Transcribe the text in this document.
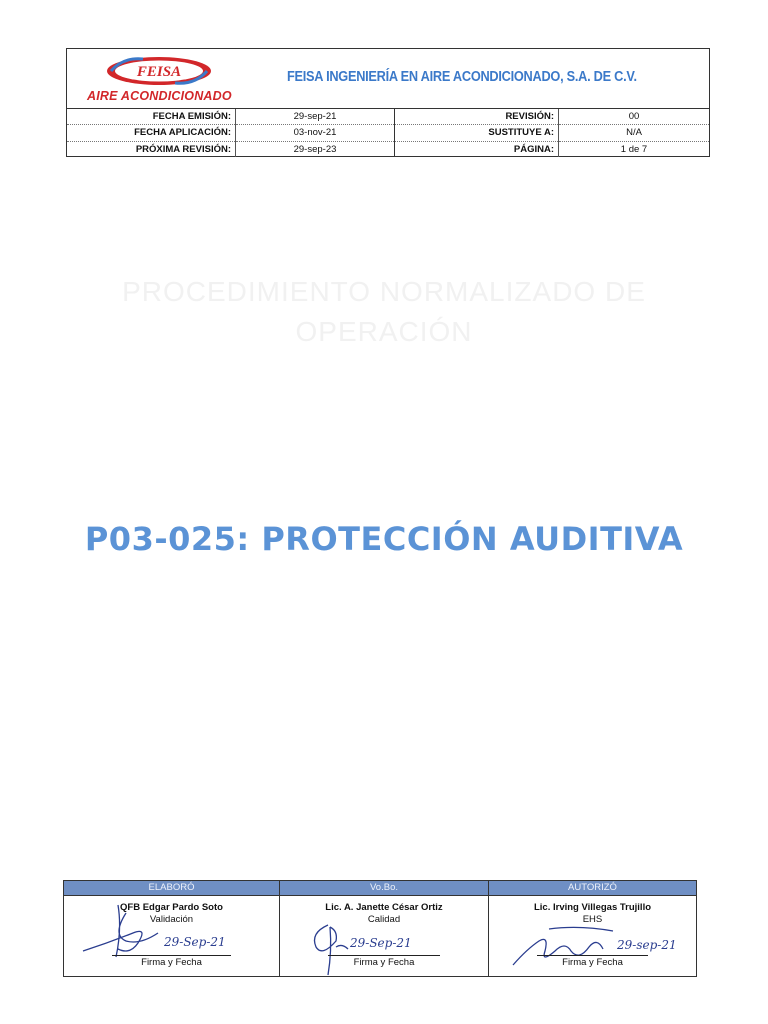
FEISA
AIRE ACONDICIONADO
FEISA INGENIERÍA EN AIRE ACONDICIONADO, S.A. DE C.V.
FECHA EMISIÓN:	29-sep-21	REVISIÓN:	00
FECHA APLICACIÓN:	03-nov-21	SUSTITUYE A:	N/A
PRÓXIMA REVISIÓN:	29-sep-23	PÁGINA:	1 de 7
PROCEDIMIENTO NORMALIZADO DE
OPERACIÓN
P03-025: PROTECCIÓN AUDITIVA
ELABORÓ
QFB Edgar Pardo Soto
Validación
29-Sep-21
Firma y Fecha
Vo.Bo.
Lic. A. Janette César Ortiz
Calidad
29-Sep-21
Firma y Fecha
AUTORIZÓ
Lic. Irving Villegas Trujillo
EHS
29-sep-21
Firma y Fecha
